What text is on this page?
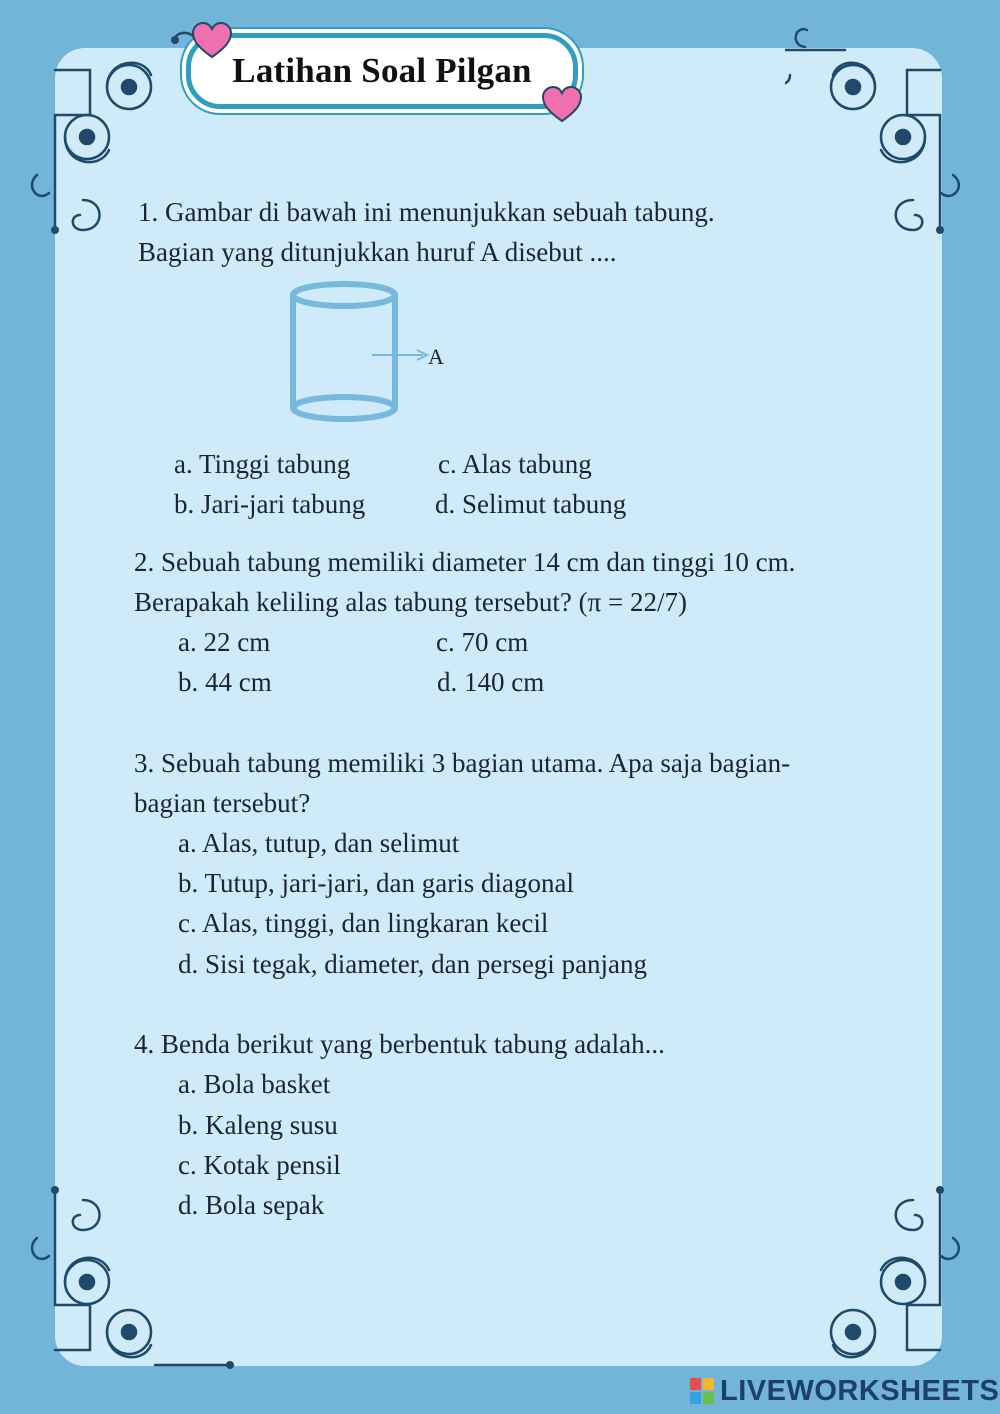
Latihan Soal Pilgan
1. Gambar di bawah ini menunjukkan sebuah tabung.
Bagian yang ditunjukkan huruf A disebut ....
A
a. Tinggi tabung	c. Alas tabung
b. Jari-jari tabung	d. Selimut tabung
2. Sebuah tabung memiliki diameter 14 cm dan tinggi 10 cm.
Berapakah keliling alas tabung tersebut? (π = 22/7)
a. 22 cm	c. 70 cm
b. 44 cm	d. 140 cm
3. Sebuah tabung memiliki 3 bagian utama. Apa saja bagian-
bagian tersebut?
a. Alas, tutup, dan selimut
b. Tutup, jari-jari, dan garis diagonal
c. Alas, tinggi, dan lingkaran kecil
d. Sisi tegak, diameter, dan persegi panjang
4. Benda berikut yang berbentuk tabung adalah...
a. Bola basket
b. Kaleng susu
c. Kotak pensil
d. Bola sepak
LIVEWORKSHEETS
